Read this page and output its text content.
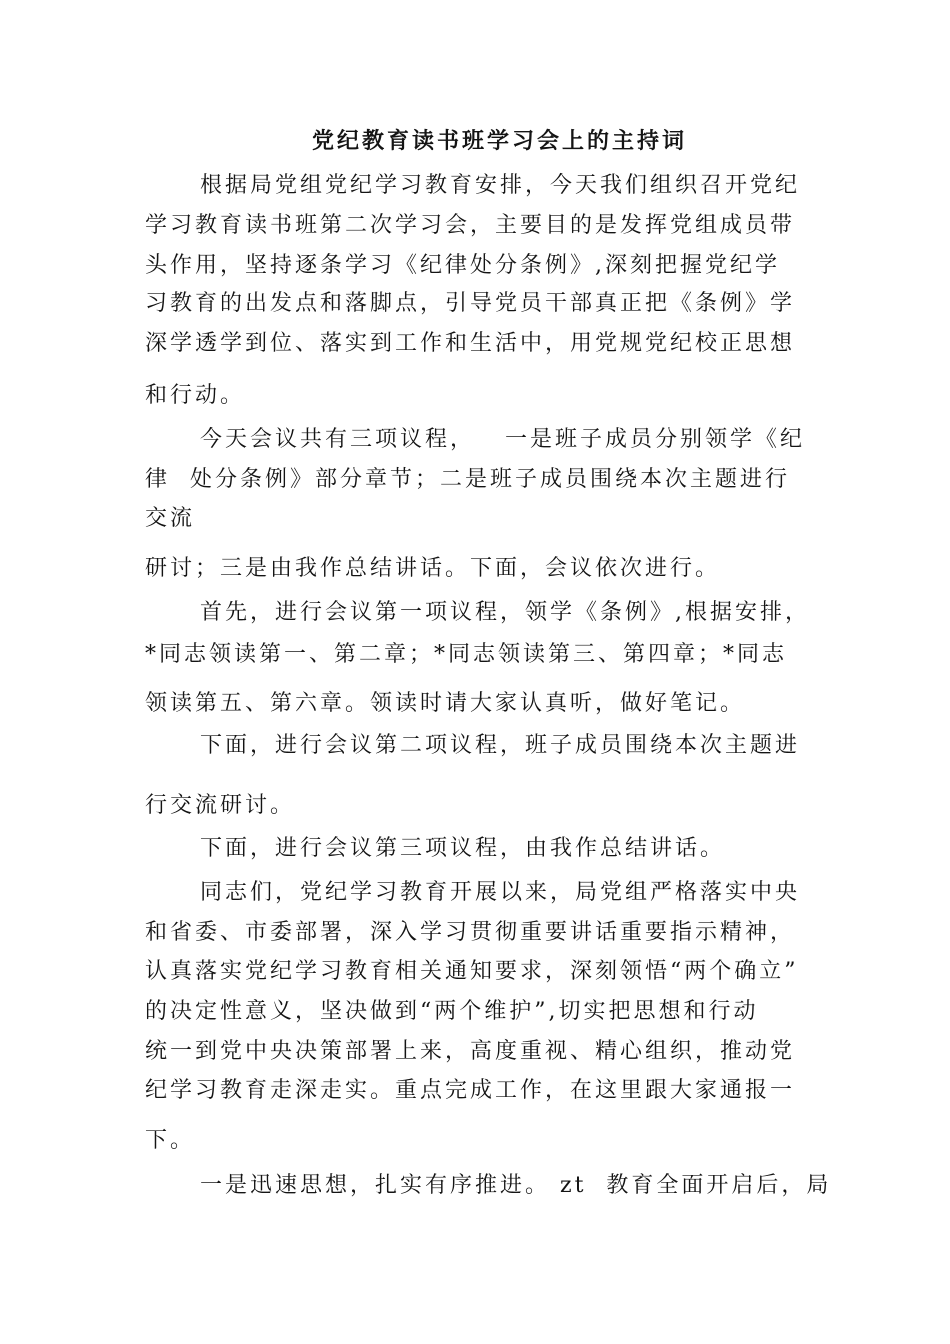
党纪教育读书班学习会上的主持词
根据局党组党纪学习教育安排，今天我们组织召开党纪
学习教育读书班第二次学习会，主要目的是发挥党组成员带
头作用，坚持逐条学习《纪律处分条例》,深刻把握党纪学
习教育的出发点和落脚点，引导党员干部真正把《条例》学
深学透学到位、落实到工作和生活中，用党规党纪校正思想
和行动。
今天会议共有三项议程，   一是班子成员分别领学《纪
律  处分条例》部分章节；二是班子成员围绕本次主题进行
交流
研讨；三是由我作总结讲话。下面，会议依次进行。
首先，进行会议第一项议程，领学《条例》,根据安排，
*同志领读第一、第二章；*同志领读第三、第四章；*同志
领读第五、第六章。领读时请大家认真听，做好笔记。
下面，进行会议第二项议程，班子成员围绕本次主题进
行交流研讨。
下面，进行会议第三项议程，由我作总结讲话。
同志们，党纪学习教育开展以来，局党组严格落实中央
和省委、市委部署，深入学习贯彻重要讲话重要指示精神，
认真落实党纪学习教育相关通知要求，深刻领悟“两个确立”
的决定性意义，坚决做到“两个维护”,切实把思想和行动
统一到党中央决策部署上来，高度重视、精心组织，推动党
纪学习教育走深走实。重点完成工作，在这里跟大家通报一
下。
一是迅速思想，扎实有序推进。 zt  教育全面开启后，局
